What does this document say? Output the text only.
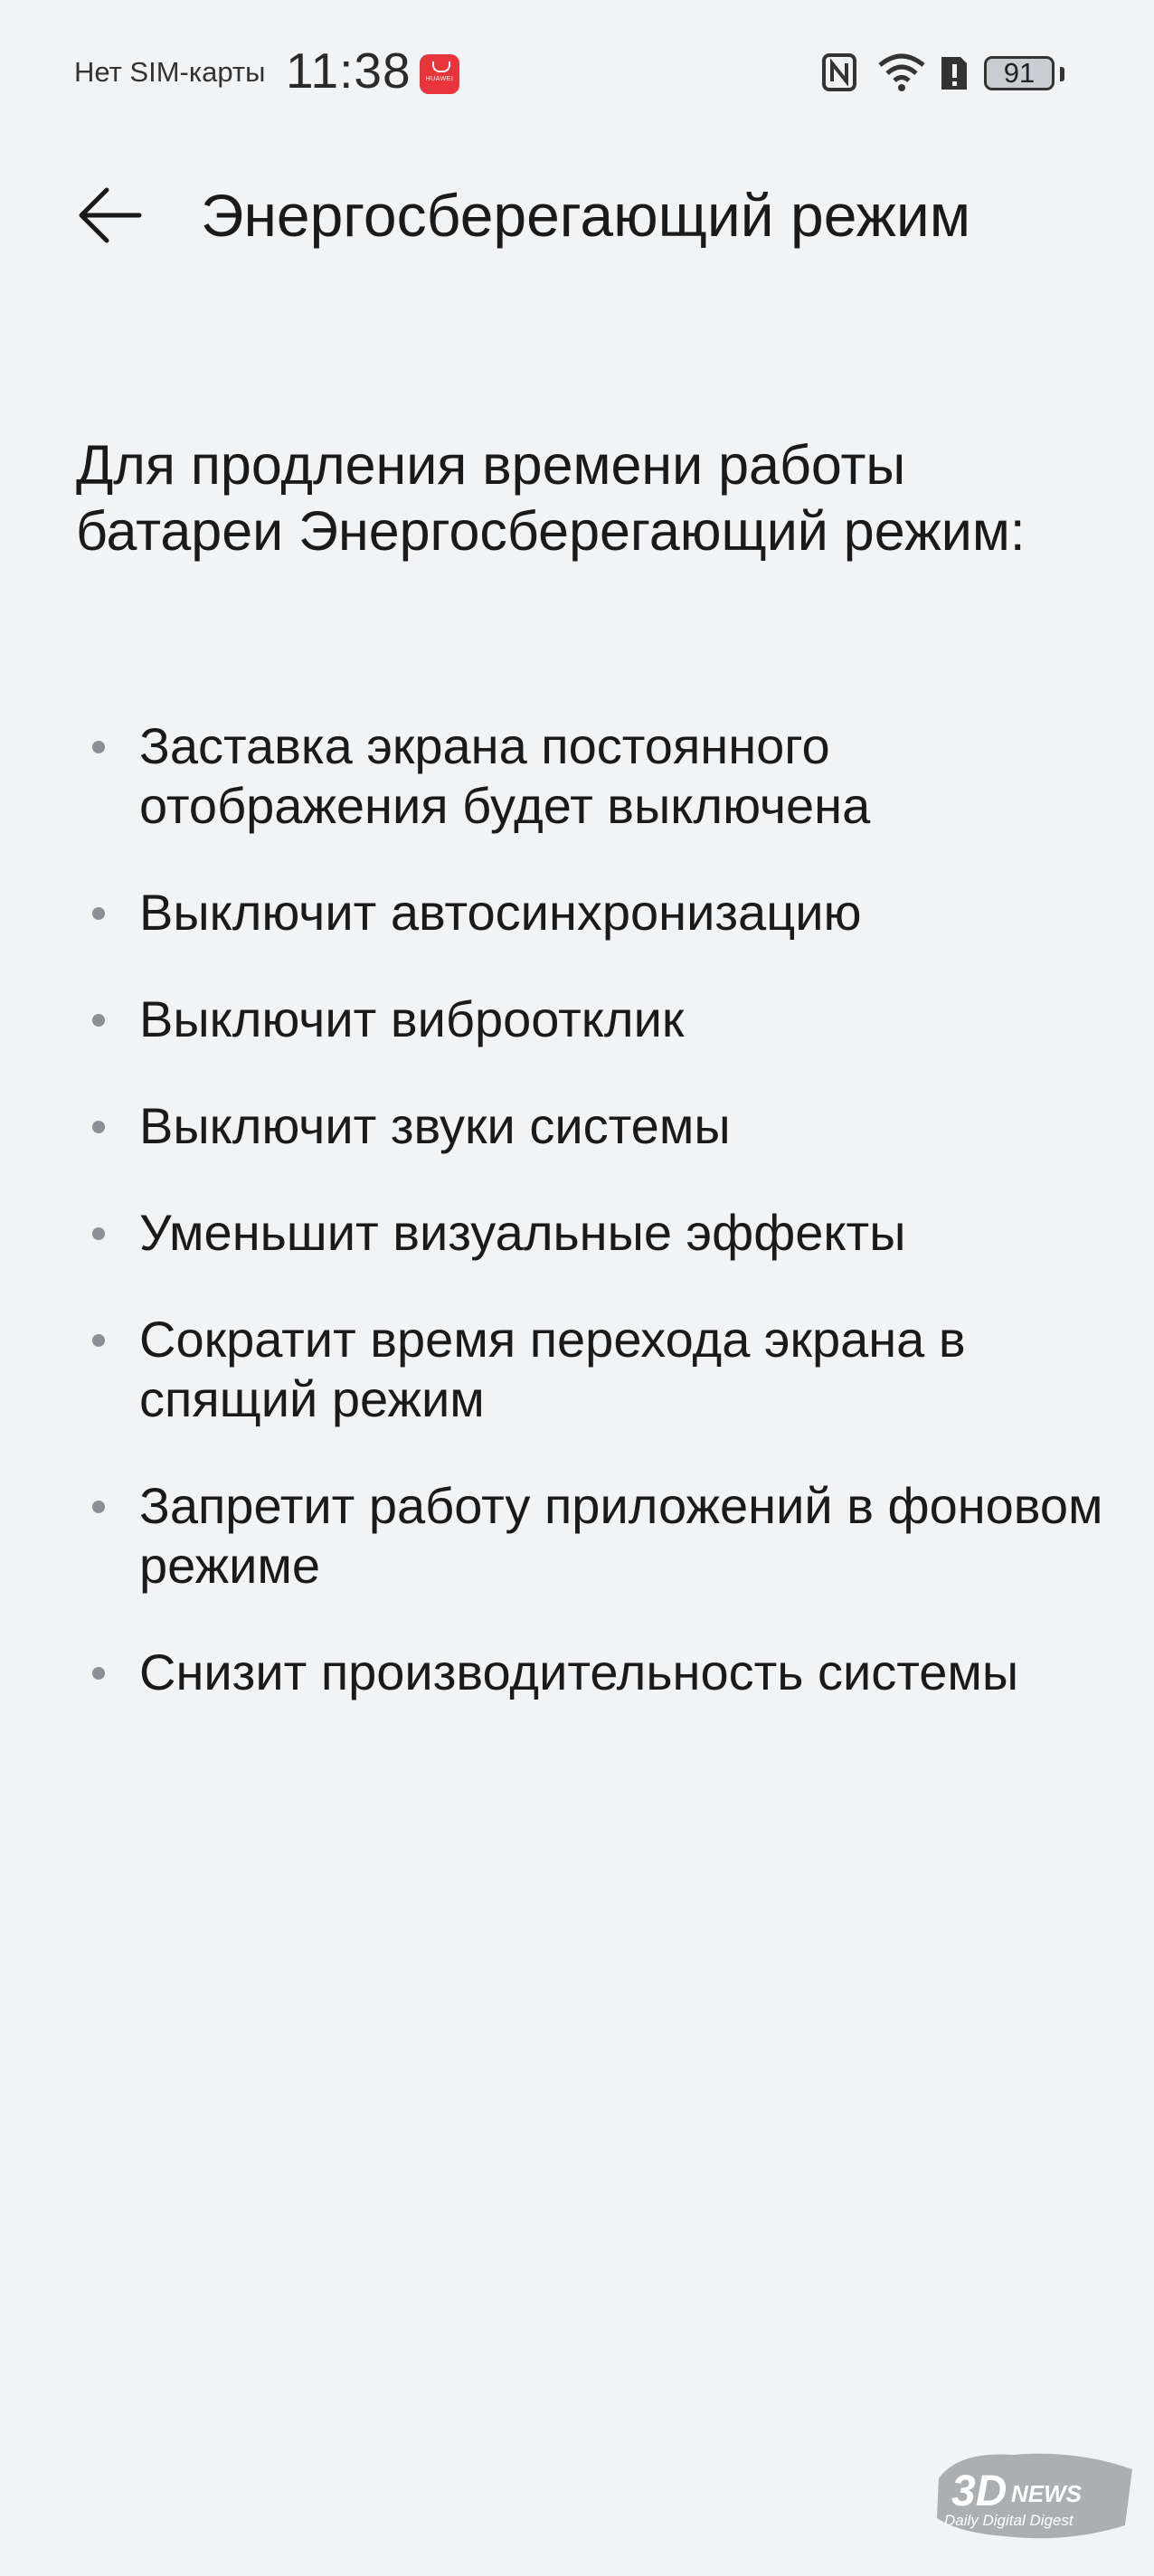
Нет SIM-карты 11:38	HUAWEI	91
Энергосберегающий режим
Для продления времени работы батареи Энергосберегающий режим:
Заставка экрана постоянного отображения будет выключена
Выключит автосинхронизацию
Выключит виброотклик
Выключит звуки системы
Уменьшит визуальные эффекты
Сократит время перехода экрана в спящий режим
Запретит работу приложений в фоновом режиме
Снизит производительность системы
3D NEWS
Daily Digital Digest
